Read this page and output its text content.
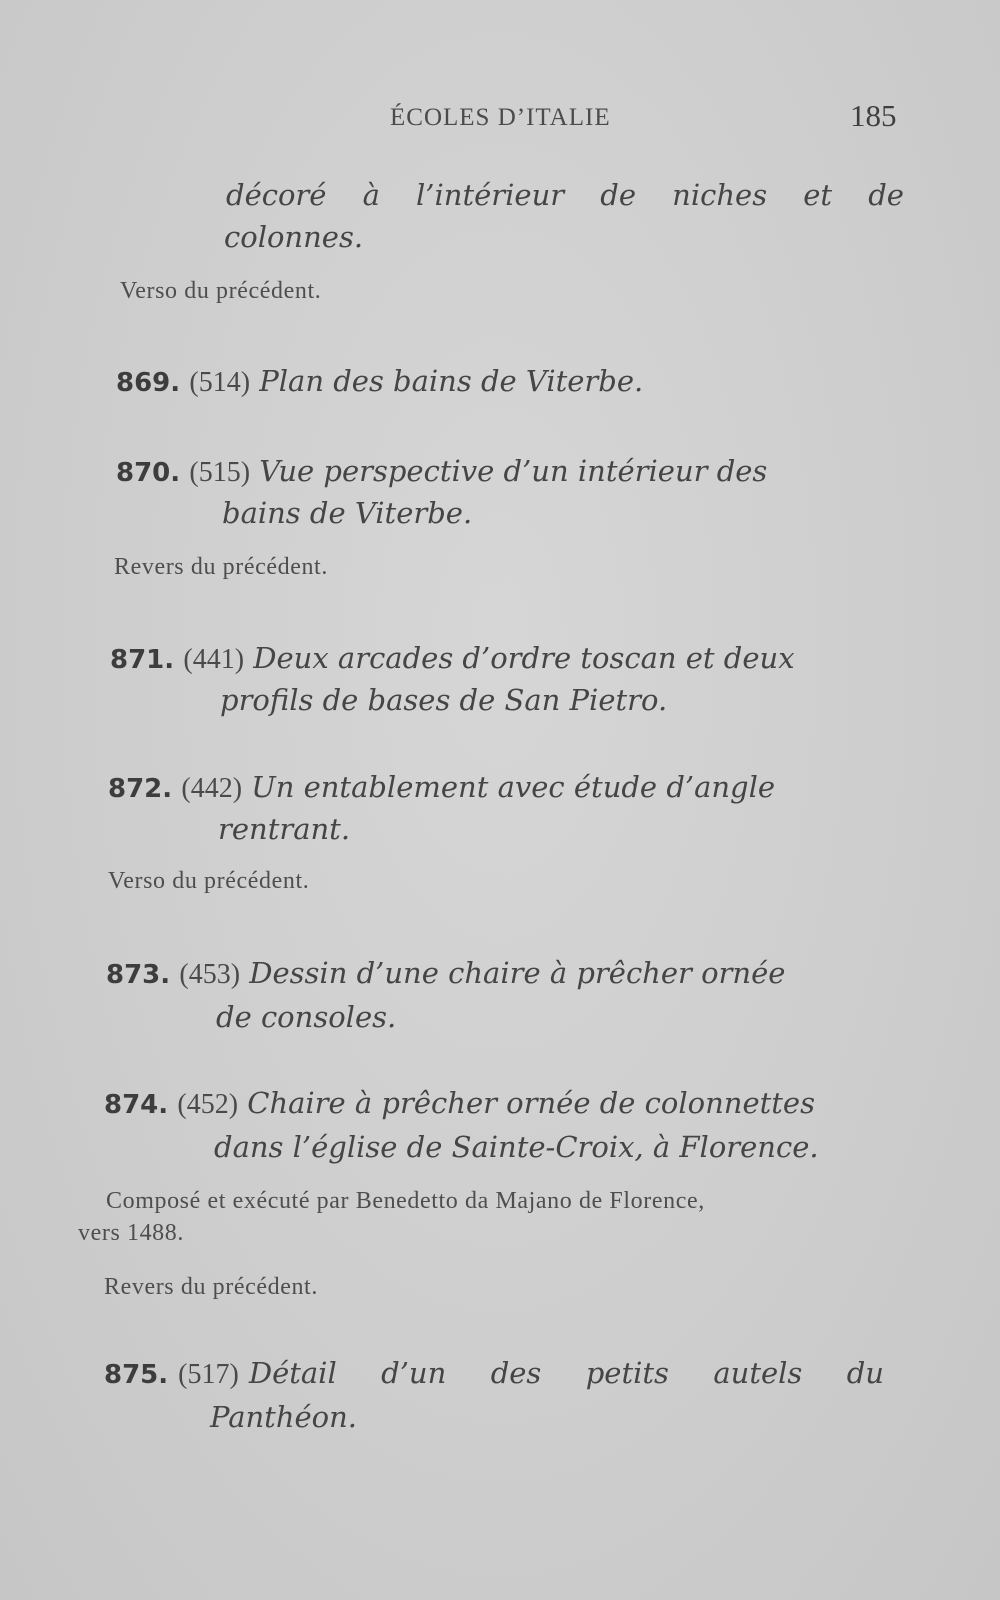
ÉCOLES D’ITALIE	185
décoré à l’intérieur de niches et de
colonnes.
Verso du précédent.
869. (514) Plan des bains de Viterbe.
870. (515) Vue perspective d’un intérieur des
bains de Viterbe.
Revers du précédent.
871. (441) Deux arcades d’ordre toscan et deux
profils de bases de San Pietro.
872. (442) Un entablement avec étude d’angle
rentrant.
Verso du précédent.
873. (453) Dessin d’une chaire à prêcher ornée
de consoles.
874. (452) Chaire à prêcher ornée de colonnettes
dans l’église de Sainte-Croix, à Florence.
Composé et exécuté par Benedetto da Majano de Florence,
vers 1488.
Revers du précédent.
875. (517) Détail d’un des petits autels du
Panthéon.
